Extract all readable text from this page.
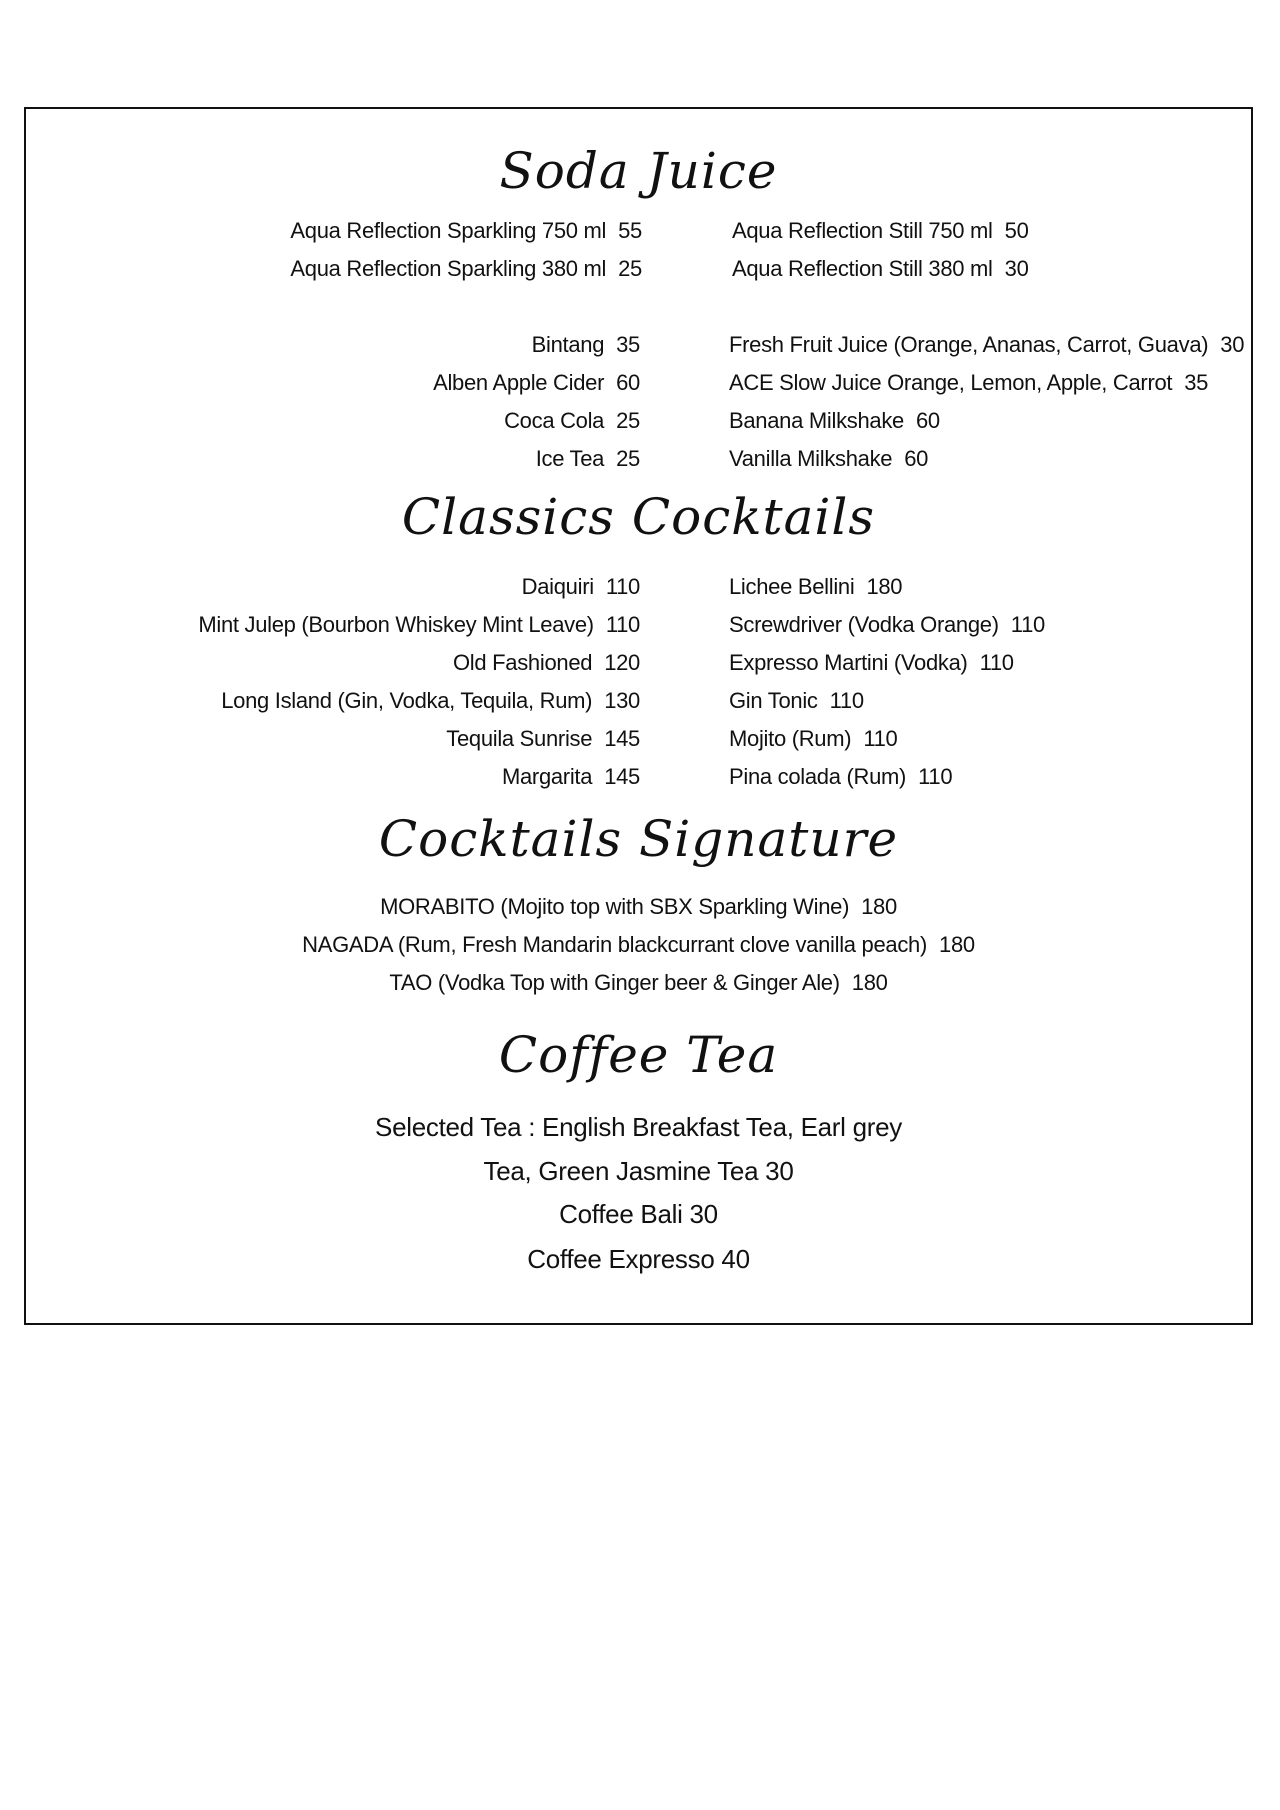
Soda Juice
Aqua Reflection Sparkling 750 ml 55
Aqua Reflection Sparkling 380 ml 25
Aqua Reflection Still 750 ml 50
Aqua Reflection Still 380 ml 30
Bintang 35
Alben Apple Cider 60
Coca Cola 25
Ice Tea 25
Fresh Fruit Juice (Orange, Ananas, Carrot, Guava) 30
ACE Slow Juice Orange, Lemon, Apple, Carrot 35
Banana Milkshake 60
Vanilla Milkshake 60
Classics Cocktails
Daiquiri 110
Mint Julep (Bourbon Whiskey Mint Leave) 110
Old Fashioned 120
Long Island (Gin, Vodka, Tequila, Rum) 130
Tequila Sunrise 145
Margarita 145
Lichee Bellini 180
Screwdriver (Vodka Orange) 110
Expresso Martini (Vodka) 110
Gin Tonic 110
Mojito (Rum) 110
Pina colada (Rum) 110
Cocktails Signature
MORABITO (Mojito top with SBX Sparkling Wine) 180
NAGADA (Rum, Fresh Mandarin blackcurrant clove vanilla peach) 180
TAO (Vodka Top with Ginger beer & Ginger Ale) 180
Coffee Tea
Selected Tea : English Breakfast Tea, Earl grey
Tea, Green Jasmine Tea 30
Coffee Bali 30
Coffee Expresso 40
